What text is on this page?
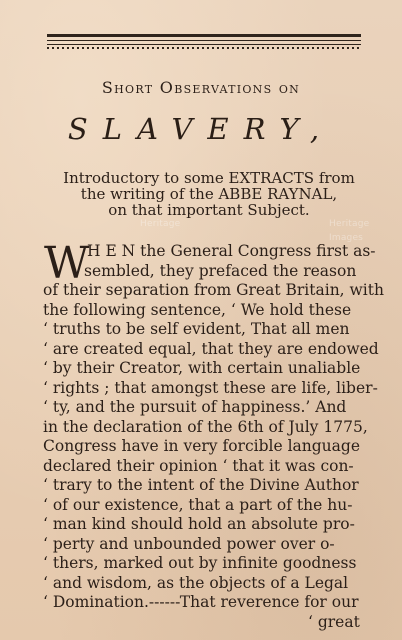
Short Observations on
SLAVERY,
Introductory to some EXTRACTS from
the writing of the ABBE RAYNAL,
on that important Subject.
Heritage	Heritage
Images
W H E N the General Congress first as-
sembled, they prefaced the reason
of their separation from Great Britain, with
the following sentence, ‘ We hold these
‘ truths to be self evident, That all men
‘ are created equal, that they are endowed
‘ by their Creator, with certain unaliable
‘ rights ; that amongst these are life, liber-
‘ ty, and the pursuit of happiness.’ And
in the declaration of the 6th of July 1775,
Congress have in very forcible language
declared their opinion ‘ that it was con-
‘ trary to the intent of the Divine Author
‘ of our existence, that a part of the hu-
‘ man kind should hold an absolute pro-
‘ perty and unbounded power over o-
‘ thers, marked out by infinite goodness
‘ and wisdom, as the objects of a Legal
‘ Domination.------That reverence for our
‘ great
